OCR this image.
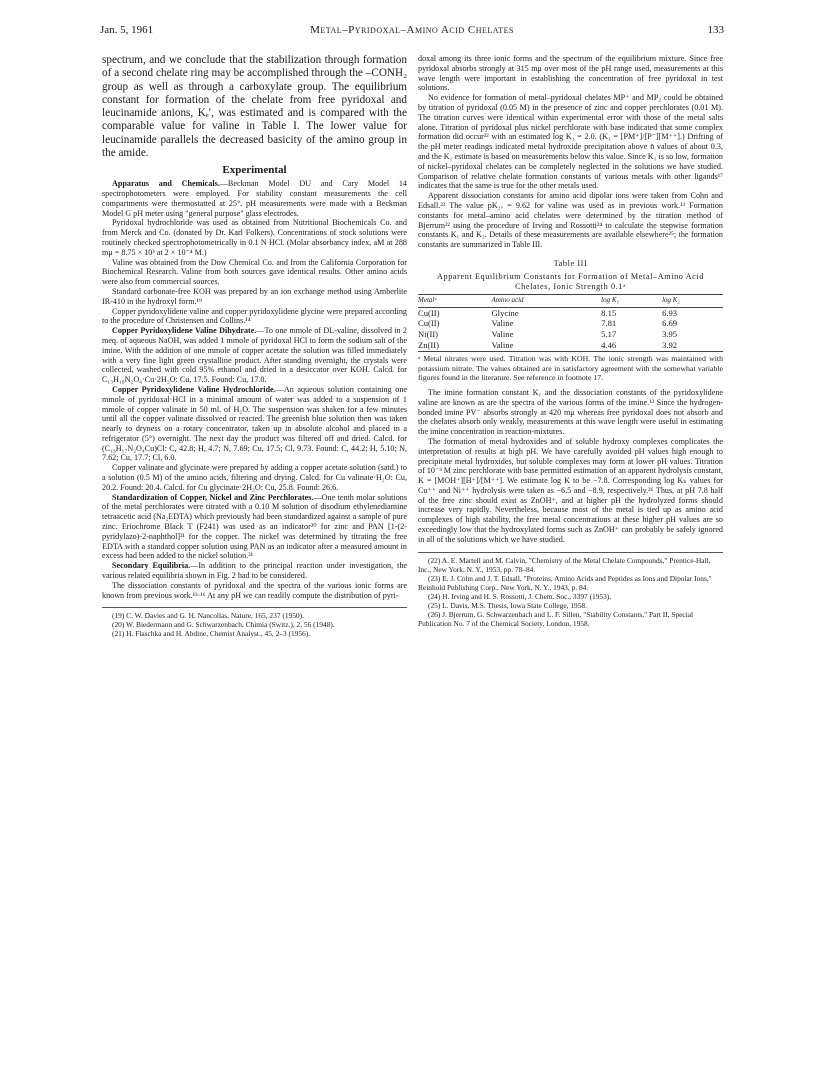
Jan. 5, 1961	Metal–Pyridoxal–Amino Acid Chelates	133

spectrum, and we conclude that the stabilization through formation of a second chelate ring may be accomplished through the –CONH₂ group as well as through a carboxylate group. The equilibrium constant for formation of the chelate from free pyridoxal and leucinamide anions, Kₑ′, was estimated and is compared with the comparable value for valine in Table I. The lower value for leucinamide parallels the decreased basicity of the amino group in the amide.

Experimental

Apparatus and Chemicals.—Beckman Model DU and Cary Model 14 spectrophotometers were employed. For stability constant measurements the cell compartments were thermostatted at 25°. pH measurements were made with a Beckman Model G pH meter using "general purpose" glass electrodes.

Pyridoxal hydrochloride was used as obtained from Nutritional Biochemicals Co. and from Merck and Co. (donated by Dr. Karl Folkers). Concentrations of stock solutions were routinely checked spectrophotometrically in 0.1 N HCl. (Molar absorbancy index, aM at 288 mμ = 8.75 × 10³ at 2 × 10⁻⁴ M.)

Valine was obtained from the Dow Chemical Co. and from the California Corporation for Biochemical Research. Valine from both sources gave identical results. Other amino acids were also from commercial sources.

Standard carbonate-free KOH was prepared by an ion exchange method using Amberlite IR-410 in the hydroxyl form.¹⁹

Copper pyridoxylidene valine and copper pyridoxylidene glycine were prepared according to the procedure of Christensen and Collins.¹⁴

Copper Pyridoxylidene Valine Dihydrate.—To one mmole of DL-valine, dissolved in 2 meq. of aqueous NaOH, was added 1 mmole of pyridoxal HCl to form the sodium salt of the imine. With the addition of one mmole of copper acetate the solution was filled immediately with a very fine light green crystalline product. After standing overnight, the crystals were collected, washed with cold 95% ethanol and dried in a desiccator over KOH. Calcd. for C₁₃H₁₆N₂O₄·Cu·2H₂O: Cu, 17.5. Found: Cu, 17.0.

Copper Pyridoxylidene Valine Hydrochloride.—An aqueous solution containing one mmole of pyridoxal·HCl in a minimal amount of water was added to a suspension of 1 mmole of copper valinate in 50 ml. of H₂O. The suspension was shaken for a few minutes until all the copper valinate dissolved or reacted. The greenish blue solution then was taken nearly to dryness on a rotary concentrator, taken up in absolute alcohol and placed in a refrigerator (5°) overnight. The next day the product was filtered off and dried. Calcd. for (C₁₃H₁₇N₂O₄Cu)Cl: C, 42.8; H, 4.7; N, 7.69; Cu, 17.5; Cl, 9.73. Found: C, 44.2; H, 5.10; N, 7.62; Cu, 17.7; Cl, 6.0.

Copper valinate and glycinate were prepared by adding a copper acetate solution (satd.) to a solution (0.5 M) of the amino acids, filtering and drying. Calcd. for Cu valinate·H₂O: Cu, 20.2. Found: 20.4. Calcd. for Cu glycinate·2H₂O: Cu, 25.8. Found: 26.6.

Standardization of Copper, Nickel and Zinc Perchlorates.—One tenth molar solutions of the metal perchlorates were titrated with a 0.10 M solution of disodium ethylenediamine tetraacetic acid (Na₂EDTA) which previously had been standardized against a sample of pure zinc. Eriochrome Black T (F241) was used as an indicator²⁰ for zinc and PAN [1-(2-pyridylazo)-2-naphthol]²¹ for the copper. The nickel was determined by titrating the free EDTA with a standard copper solution using PAN as an indicator after a measured amount in excess had been added to the nickel solution.²¹

Secondary Equilibria.—In addition to the principal reaction under investigation, the various related equilibria shown in Fig. 2 had to be considered.

The dissociation constants of pyridoxal and the spectra of the various ionic forms are known from previous work.¹³·¹⁶ At any pH we can readily compute the distribution of pyri-

(19) C. W. Davies and G. H. Nancollas, Nature, 165, 237 (1950).
(20) W. Biedermann and G. Schwarzenbach, Chimia (Switz.), 2, 56 (1948).
(21) H. Flaschka and H. Abdine, Chemist Analyst., 45, 2–3 (1956).

doxal among its three ionic forms and the spectrum of the equilibrium mixture. Since free pyridoxal absorbs strongly at 315 mμ over most of the pH range used, measurements at this wave length were important in establishing the concentration of free pyridoxal in test solutions.

No evidence for formation of metal–pyridoxal chelates MP⁺ and MP₂ could be obtained by titration of pyridoxal (0.05 M) in the presence of zinc and copper perchlorates (0.01 M). The titration curves were identical within experimental error with those of the metal salts alone. Titration of pyridoxal plus nickel perchlorate with base indicated that some complex formation did occur²² with an estimated log K₁ = 2.0. (K₁ = [PM⁺]/[P⁻][M⁺⁺].) Drifting of the pH meter readings indicated metal hydroxide precipitation above n̄ values of about 0.3, and the K₁ estimate is based on measurements below this value. Since K₁ is so low, formation of nickel–pyridoxal chelates can be completely neglected in the solutions we have studied. Comparison of relative chelate formation constants of various metals with other ligands¹⁷ indicates that the same is true for the other metals used.

Apparent dissociation constants for amino acid dipolar ions were taken from Cohn and Edsall.²³ The value pK₂ᵥ = 9.62 for valine was used as in previous work.¹³ Formation constants for metal–amino acid chelates were determined by the titration method of Bjerrum²² using the procedure of Irving and Rossotti²⁴ to calculate the stepwise formation constants K₁ and K₂. Details of these measurements are available elsewhere²⁵; the formation constants are summarized in Table III.

Table III
Apparent Equilibrium Constants for Formation of Metal–Amino Acid Chelates, Ionic Strength 0.1ᵃ
Metalᵃ	Amino acid	log K₁	log K₂
Cu(II)	Glycine	8.15	6.93
Cu(II)	Valine	7.81	6.69
Ni(II)	Valine	5.17	3.95
Zn(II)	Valine	4.46	3.92

ᵃ Metal nitrates were used. Titration was with KOH. The ionic strength was maintained with potassium nitrate. The values obtained are in satisfactory agreement with the somewhat variable figures found in the literature. See reference in footnote 17.

The imine formation constant K₁ and the dissociation constants of the pyridoxylidene valine are known as are the spectra of the various forms of the imine.¹³ Since the hydrogen-bonded imine PV⁻ absorbs strongly at 420 mμ whereas free pyridoxal does not absorb and the chelates absorb only weakly, measurements at this wave length were useful in estimating the imine concentration in reaction-mixtures.

The formation of metal hydroxides and of soluble hydroxy complexes complicates the interpretation of results at high pH. We have carefully avoided pH values high enough to precipitate metal hydroxides, but soluble complexes may form at lower pH values. Titration of 10⁻³ M zinc perchlorate with base permitted estimation of an apparent hydrolysis constant, K = [MOH⁺][H⁺]/[M⁺⁺]. We estimate log K to be −7.8. Corresponding log Kₕ values for Cu⁺⁺ and Ni⁺⁺ hydrolysis were taken as −6.5 and −8.9, respectively.²⁶ Thus, at pH 7.8 half of the free zinc should exist as ZnOH⁺, and at higher pH the hydrolyzed forms should increase very rapidly. Nevertheless, because most of the metal is tied up as amino acid complexes of high stability, the free metal concentrations at these higher pH values are so exceedingly low that the hydroxylated forms such as ZnOH⁺ can probably be safely ignored in all of the solutions which we have studied.

(22) A. E. Martell and M. Calvin, "Chemistry of the Metal Chelate Compounds," Prentice-Hall, Inc., New York, N. Y., 1953, pp. 78–84.
(23) E. J. Cohn and J. T. Edsall, "Proteins, Amino Acids and Peptides as Ions and Dipolar Ions," Reinhold Publishing Corp., New York, N. Y., 1943, p. 84.
(24) H. Irving and H. S. Rossotti, J. Chem. Soc., 3397 (1953).
(25) L. Davis, M.S. Thesis, Iowa State College, 1958.
(26) J. Bjerrum, G. Schwarzenbach and L. F. Sillen, "Stability Constants," Part II, Special Publication No. 7 of the Chemical Society, London, 1958.
